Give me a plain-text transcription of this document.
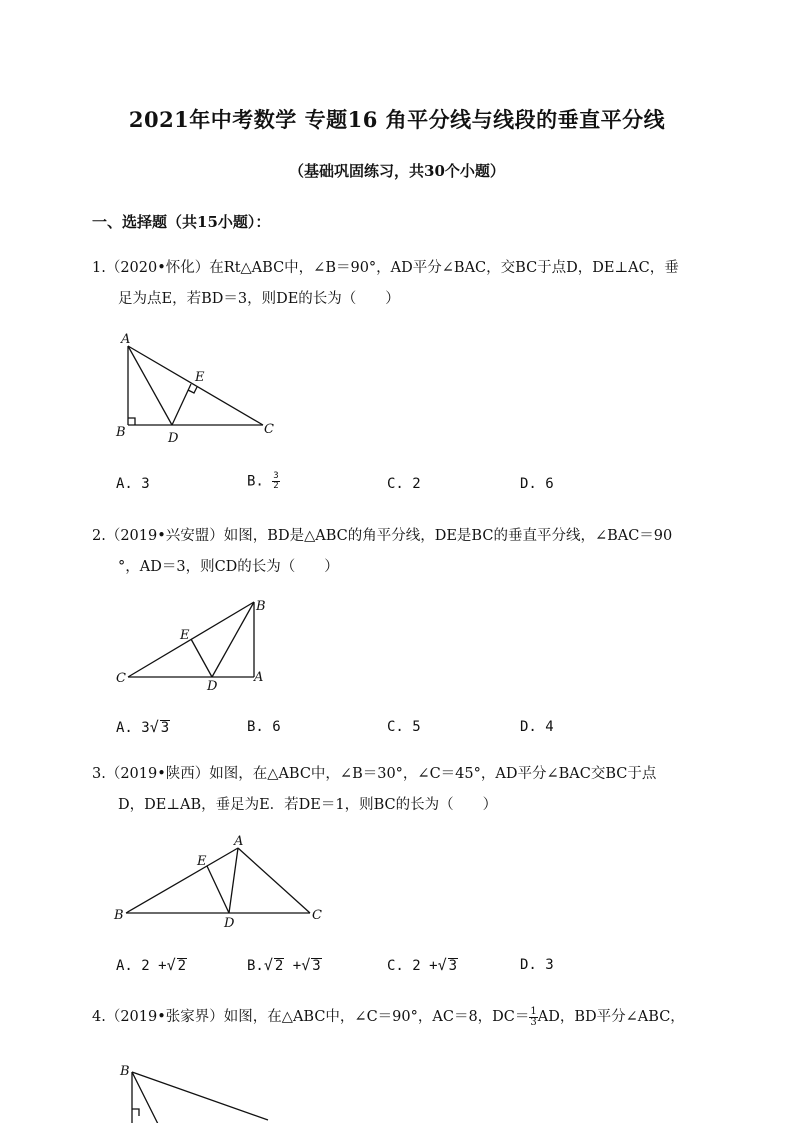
2021年中考数学 专题16 角平分线与线段的垂直平分线
（基础巩固练习，共30个小题）
一、选择题（共15小题）：
1.（2020•怀化）在Rt△ABC中，∠B＝90°，AD平分∠BAC，交BC于点D，DE⊥AC，垂
足为点E，若BD＝3，则DE的长为（　　）
A
E
B	D
C
A. 3	B. $\frac{3}{2}$	C. 2	D. 6
2.（2019•兴安盟）如图，BD是△ABC的角平分线，DE是BC的垂直平分线，∠BAC＝90
°，AD＝3，则CD的长为（　　）
B
E
C
D
A
A. 3√ 3	B. 6	C. 5	D. 4
3.（2019•陕西）如图，在△ABC中，∠B＝30°，∠C＝45°，AD平分∠BAC交BC于点
D，DE⊥AB，垂足为E．若DE＝1，则BC的长为（　　）
A
E
B
D
C
A. 2 +√ 2	B.√ 2 +√ 3	C. 2 +√ 3	D. 3
4.（2019•张家界）如图，在△ABC中，∠C＝90°，AC＝8，$DC= \frac{1}{3}$ AD，BD平分∠ABC，
B
